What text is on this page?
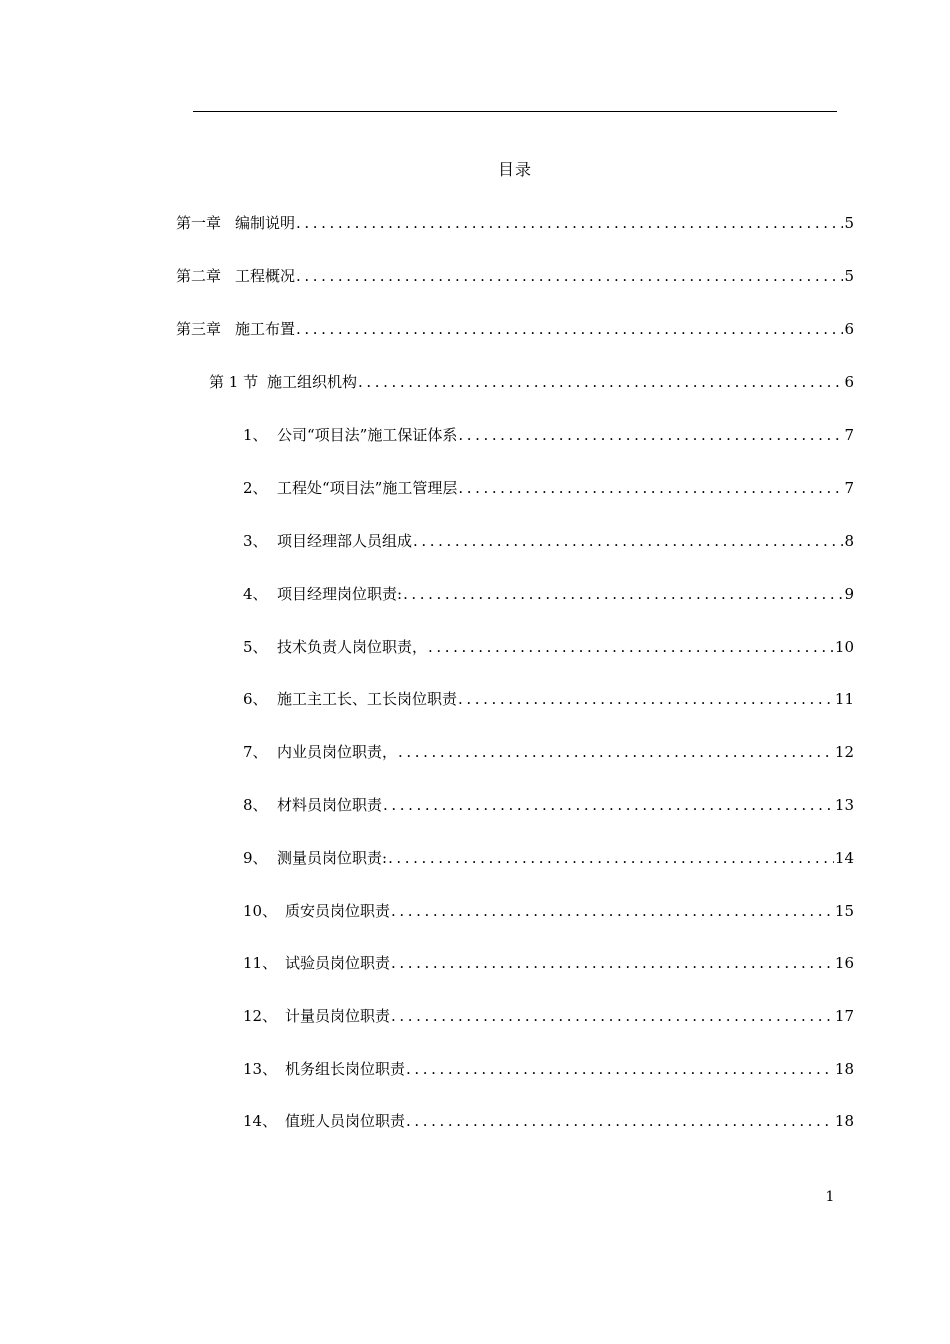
目录
第一章 编制说明 .....	5
第二章 工程概况 .....	5
第三章 施工布置 .....	6
第 1 节 施工组织机构 .....	6
1、 公司“项目法”施工保证体系 .....	7
2、 工程处“项目法”施工管理层 .....	7
3、 项目经理部人员组成 .....	8
4、 项目经理岗位职责: .....	9
5、 技术负责人岗位职责， .....	10
6、 施工主工长、工长岗位职责 .....	11
7、 内业员岗位职责， .....	12
8、 材料员岗位职责 .....	13
9、 测量员岗位职责: .....	14
10、 质安员岗位职责 .....	15
11、 试验员岗位职责 .....	16
12、 计量员岗位职责 .....	17
13、 机务组长岗位职责 .....	18
14、 值班人员岗位职责 .....	18
1
